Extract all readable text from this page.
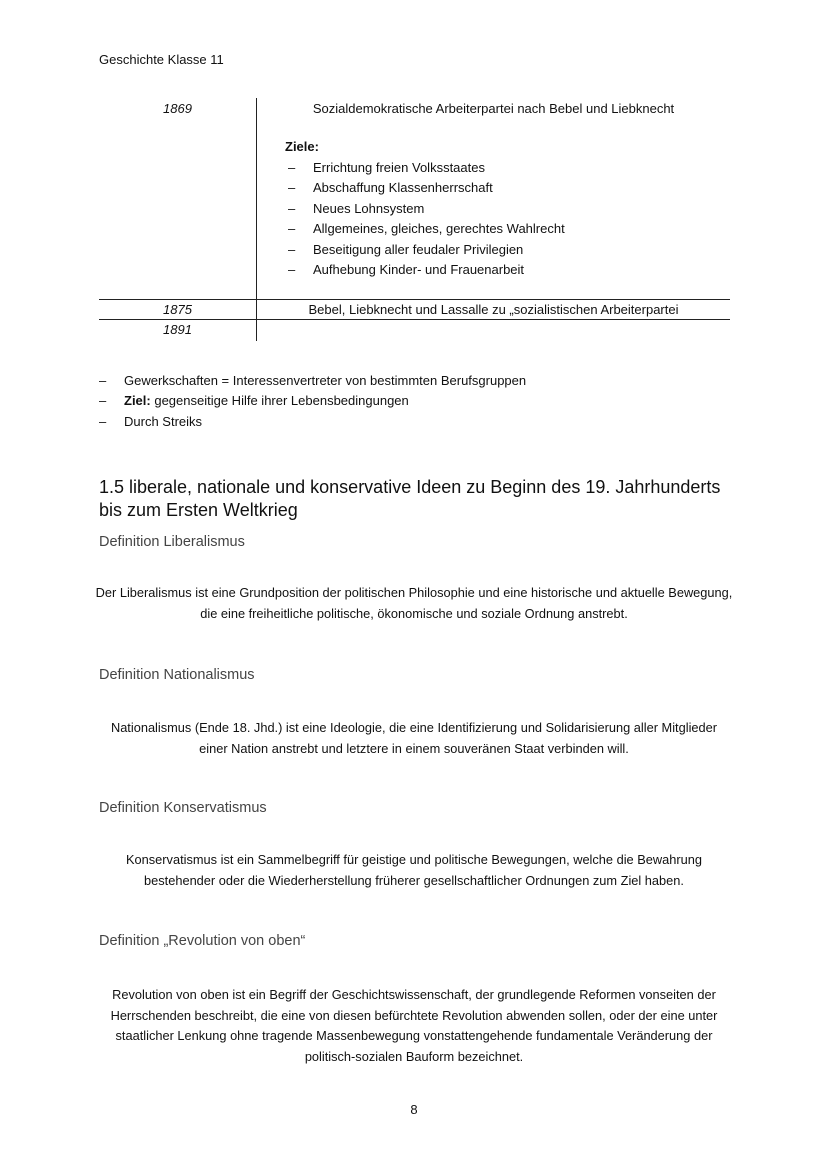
Geschichte Klasse 11
1869	Sozialdemokratische Arbeiterpartei nach Bebel und Liebknecht
Ziele:
– Errichtung freien Volksstaates
– Abschaffung Klassenherrschaft
– Neues Lohnsystem
– Allgemeines, gleiches, gerechtes Wahlrecht
– Beseitigung aller feudaler Privilegien
– Aufhebung Kinder- und Frauenarbeit
1875	Bebel, Liebknecht und Lassalle zu „sozialistischen Arbeiterpartei
1891
– Gewerkschaften = Interessenvertreter von bestimmten Berufsgruppen
– Ziel: gegenseitige Hilfe ihrer Lebensbedingungen
– Durch Streiks
1.5 liberale, nationale und konservative Ideen zu Beginn des 19. Jahrhunderts bis zum Ersten Weltkrieg
Definition Liberalismus
Der Liberalismus ist eine Grundposition der politischen Philosophie und eine historische und aktuelle Bewegung, die eine freiheitliche politische, ökonomische und soziale Ordnung anstrebt.
Definition Nationalismus
Nationalismus (Ende 18. Jhd.) ist eine Ideologie, die eine Identifizierung und Solidarisierung aller Mitglieder einer Nation anstrebt und letztere in einem souveränen Staat verbinden will.
Definition Konservatismus
Konservatismus ist ein Sammelbegriff für geistige und politische Bewegungen, welche die Bewahrung bestehender oder die Wiederherstellung früherer gesellschaftlicher Ordnungen zum Ziel haben.
Definition „Revolution von oben“
Revolution von oben ist ein Begriff der Geschichtswissenschaft, der grundlegende Reformen vonseiten der Herrschenden beschreibt, die eine von diesen befürchtete Revolution abwenden sollen, oder der eine unter staatlicher Lenkung ohne tragende Massenbewegung vonstattengehende fundamentale Veränderung der politisch-sozialen Bauform bezeichnet.
8
